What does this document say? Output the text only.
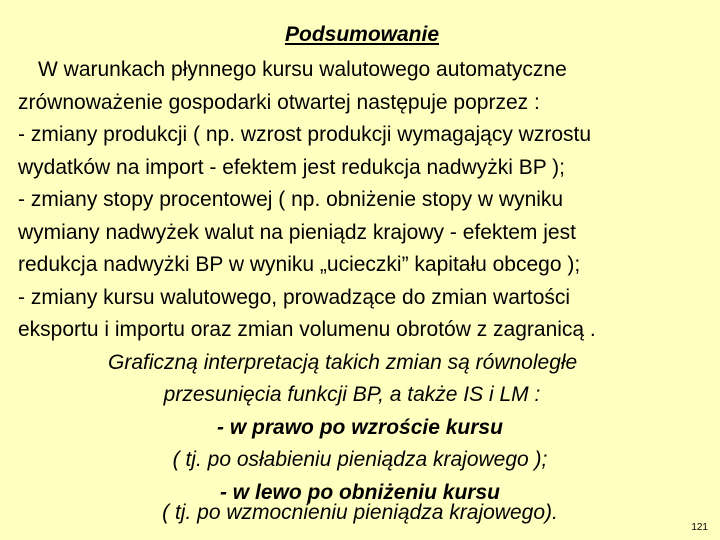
Podsumowanie
W warunkach płynnego kursu walutowego automatyczne
zrównoważenie gospodarki otwartej następuje poprzez :
- zmiany produkcji ( np. wzrost produkcji wymagający wzrostu
wydatków na import - efektem jest redukcja nadwyżki BP );
- zmiany stopy procentowej ( np. obniżenie stopy w wyniku
wymiany nadwyżek walut na pieniądz krajowy - efektem jest
redukcja nadwyżki BP w wyniku „ucieczki” kapitału obcego );
- zmiany kursu walutowego, prowadzące do zmian wartości
eksportu i importu oraz zmian volumenu obrotów z zagranicą .
Graficzną interpretacją takich zmian są równoległe
przesunięcia funkcji BP, a także IS i LM :
- w prawo po wzroście kursu
( tj. po osłabieniu pieniądza krajowego );
- w lewo po obniżeniu kursu
( tj. po wzmocnieniu pieniądza krajowego).
121
